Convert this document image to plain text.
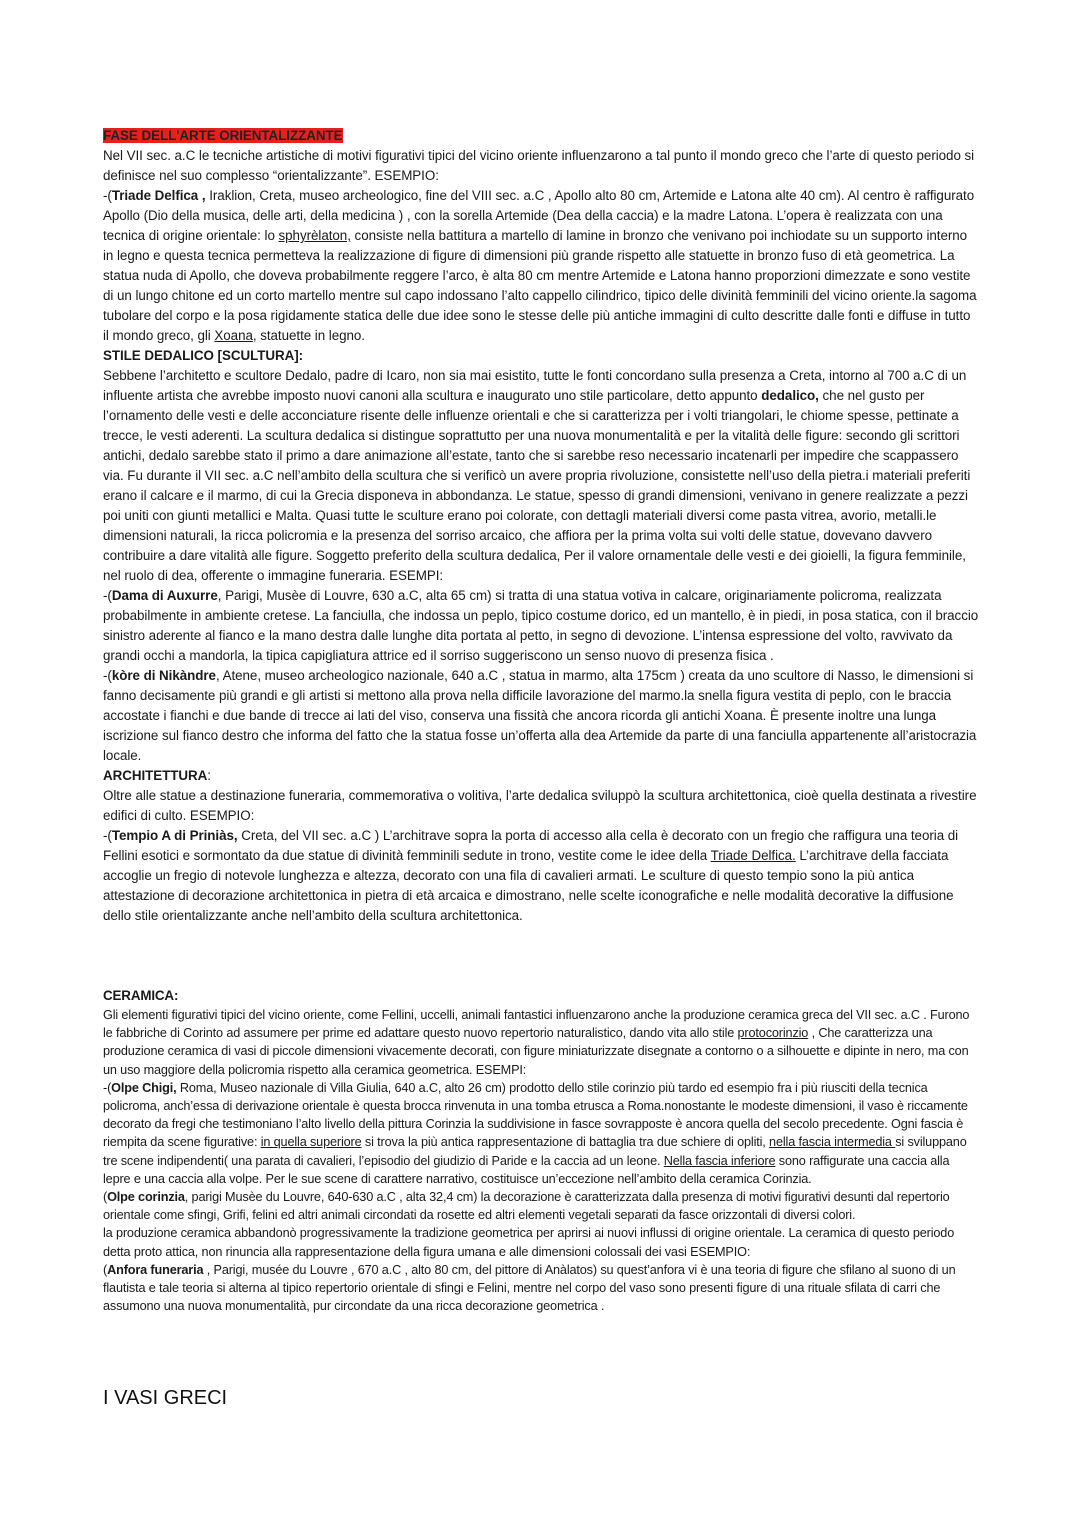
FASE DELL'ARTE ORIENTALIZZANTE

Nel VII sec. a.C le tecniche artistiche di motivi figurativi tipici del vicino oriente influenzarono a tal punto il mondo greco che l’arte di questo periodo si definisce nel suo complesso “orientalizzante”. ESEMPIO:

-(Triade Delfica , Iraklion, Creta, museo archeologico, fine del VIII sec. a.C , Apollo alto 80 cm, Artemide e Latona alte 40 cm). Al centro è raffigurato Apollo (Dio della musica, delle arti, della medicina ) , con la sorella Artemide (Dea della caccia) e la madre Latona. L’opera è realizzata con una tecnica di origine orientale: lo sphyrèlaton, consiste nella battitura a martello di lamine in bronzo che venivano poi inchiodate su un supporto interno in legno e questa tecnica permetteva la realizzazione di figure di dimensioni più grande rispetto alle statuette in bronzo fuso di età geometrica. La statua nuda di Apollo, che doveva probabilmente reggere l’arco, è alta 80 cm mentre Artemide e Latona hanno proporzioni dimezzate e sono vestite di un lungo chitone ed un corto martello mentre sul capo indossano l’alto cappello cilindrico, tipico delle divinità femminili del vicino oriente.la sagoma tubolare del corpo e la posa rigidamente statica delle due idee sono le stesse delle più antiche immagini di culto descritte dalle fonti e diffuse in tutto il mondo greco, gli Xoana, statuette in legno.

STILE DEDALICO [SCULTURA]:

Sebbene l’architetto e scultore Dedalo, padre di Icaro, non sia mai esistito, tutte le fonti concordano sulla presenza a Creta, intorno al 700 a.C di un influente artista che avrebbe imposto nuovi canoni alla scultura e inaugurato uno stile particolare, detto appunto dedalico, che nel gusto per l’ornamento delle vesti e delle acconciature risente delle influenze orientali e che si caratterizza per i volti triangolari, le chiome spesse, pettinate a trecce, le vesti aderenti. La scultura dedalica si distingue soprattutto per una nuova monumentalità e per la vitalità delle figure: secondo gli scrittori antichi, dedalo sarebbe stato il primo a dare animazione all’estate, tanto che si sarebbe reso necessario incatenarli per impedire che scappassero via. Fu durante il VII sec. a.C nell’ambito della scultura che si verificò un avere propria rivoluzione, consistette nell’uso della pietra.i materiali preferiti erano il calcare e il marmo, di cui la Grecia disponeva in abbondanza. Le statue, spesso di grandi dimensioni, venivano in genere realizzate a pezzi poi uniti con giunti metallici e Malta. Quasi tutte le sculture erano poi colorate, con dettagli materiali diversi come pasta vitrea, avorio, metalli.le dimensioni naturali, la ricca policromia e la presenza del sorriso arcaico, che affiora per la prima volta sui volti delle statue, dovevano davvero contribuire a dare vitalità alle figure. Soggetto preferito della scultura dedalica, Per il valore ornamentale delle vesti e dei gioielli, la figura femminile, nel ruolo di dea, offerente o immagine funeraria. ESEMPI:

-(Dama di Auxurre, Parigi, Musèe di Louvre, 630 a.C, alta 65 cm) si tratta di una statua votiva in calcare, originariamente policroma, realizzata probabilmente in ambiente cretese. La fanciulla, che indossa un peplo, tipico costume dorico, ed un mantello, è in piedi, in posa statica, con il braccio sinistro aderente al fianco e la mano destra dalle lunghe dita portata al petto, in segno di devozione. L’intensa espressione del volto, ravvivato da grandi occhi a mandorla, la tipica capigliatura attrice ed il sorriso suggeriscono un senso nuovo di presenza fisica .

-(kòre di Nikàndre, Atene, museo archeologico nazionale, 640 a.C , statua in marmo, alta 175cm ) creata da uno scultore di Nasso, le dimensioni si fanno decisamente più grandi e gli artisti si mettono alla prova nella difficile lavorazione del marmo.la snella figura vestita di peplo, con le braccia accostate i fianchi e due bande di trecce ai lati del viso, conserva una fissità che ancora ricorda gli antichi Xoana. È presente inoltre una lunga iscrizione sul fianco destro che informa del fatto che la statua fosse un’offerta alla dea Artemide da parte di una fanciulla appartenente all’aristocrazia locale.

ARCHITETTURA:

Oltre alle statue a destinazione funeraria, commemorativa o volitiva, l’arte dedalica sviluppò la scultura architettonica, cioè quella destinata a rivestire edifici di culto. ESEMPIO:

-(Tempio A di Priniàs, Creta, del VII sec. a.C ) L’architrave sopra la porta di accesso alla cella è decorato con un fregio che raffigura una teoria di Fellini esotici e sormontato da due statue di divinità femminili sedute in trono, vestite come le idee della Triade Delfica. L’architrave della facciata accoglie un fregio di notevole lunghezza e altezza, decorato con una fila di cavalieri armati. Le sculture di questo tempio sono la più antica attestazione di decorazione architettonica in pietra di età arcaica e dimostrano, nelle scelte iconografiche e nelle modalità decorative la diffusione dello stile orientalizzante anche nell’ambito della scultura architettonica.

CERAMICA:

Gli elementi figurativi tipici del vicino oriente, come Fellini, uccelli, animali fantastici influenzarono anche la produzione ceramica greca del VII sec. a.C . Furono le fabbriche di Corinto ad assumere per prime ed adattare questo nuovo repertorio naturalistico, dando vita allo stile protocorinzio , Che caratterizza una produzione ceramica di vasi di piccole dimensioni vivacemente decorati, con figure miniaturizzate disegnate a contorno o a silhouette e dipinte in nero, ma con un uso maggiore della policromia rispetto alla ceramica geometrica. ESEMPI:

-(Olpe Chigi, Roma, Museo nazionale di Villa Giulia, 640 a.C, alto 26 cm) prodotto dello stile corinzio più tardo ed esempio fra i più riusciti della tecnica policroma, anch’essa di derivazione orientale è questa brocca rinvenuta in una tomba etrusca a Roma.nonostante le modeste dimensioni, il vaso è riccamente decorato da fregi che testimoniano l’alto livello della pittura Corinzia la suddivisione in fasce sovrapposte è ancora quella del secolo precedente. Ogni fascia è riempita da scene figurative: in quella superiore si trova la più antica rappresentazione di battaglia tra due schiere di opliti, nella fascia intermedia si sviluppano tre scene indipendenti( una parata di cavalieri, l’episodio del giudizio di Paride e la caccia ad un leone. Nella fascia inferiore sono raffigurate una caccia alla lepre e una caccia alla volpe. Per le sue scene di carattere narrativo, costituisce un’eccezione nell’ambito della ceramica Corinzia.

(Olpe corinzia, parigi Musèe du Louvre, 640-630 a.C , alta 32,4 cm) la decorazione è caratterizzata dalla presenza di motivi figurativi desunti dal repertorio orientale come sfingi, Grifi, felini ed altri animali circondati da rosette ed altri elementi vegetali separati da fasce orizzontali di diversi colori.

la produzione ceramica abbandonò progressivamente la tradizione geometrica per aprirsi ai nuovi influssi di origine orientale. La ceramica di questo periodo detta proto attica, non rinuncia alla rappresentazione della figura umana e alle dimensioni colossali dei vasi ESEMPIO:

(Anfora funeraria , Parigi, musée du Louvre , 670 a.C , alto 80 cm, del pittore di Anàlatos) su quest’anfora vi è una teoria di figure che sfilano al suono di un flautista e tale teoria si alterna al tipico repertorio orientale di sfingi e Felini, mentre nel corpo del vaso sono presenti figure di una rituale sfilata di carri che assumono una nuova monumentalità, pur circondate da una ricca decorazione geometrica .

I VASI GRECI
